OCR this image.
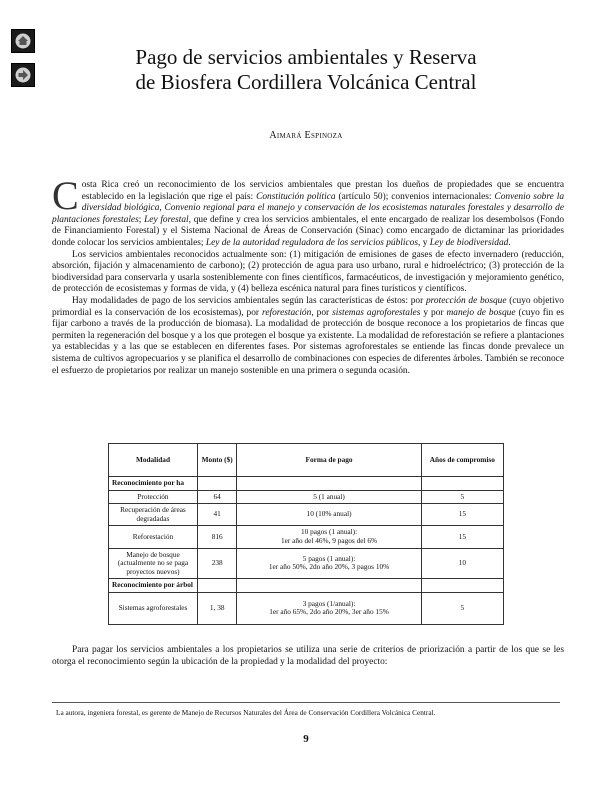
Pago de servicios ambientales y Reserva
de Biosfera Cordillera Volcánica Central
Aimará Espinoza

Costa Rica creó un reconocimiento de los servicios ambientales que prestan los dueños de propiedades que se encuentra establecido en la legislación que rige el país: Constitución política (artículo 50); convenios internacionales: Convenio sobre la diversidad biológica, Convenio regional para el manejo y conservación de los ecosistemas naturales forestales y desarrollo de plantaciones forestales; Ley forestal, que define y crea los servicios ambientales, el ente encargado de realizar los desembolsos (Fondo de Financiamiento Forestal) y el Sistema Nacional de Áreas de Conservación (Sinac) como encargado de dictaminar las prioridades donde colocar los servicios ambientales; Ley de la autoridad reguladora de los servicios públicos, y Ley de biodiversidad.

Los servicios ambientales reconocidos actualmente son: (1) mitigación de emisiones de gases de efecto invernadero (reducción, absorción, fijación y almacenamiento de carbono); (2) protección de agua para uso urbano, rural e hidroeléctrico; (3) protección de la biodiversidad para conservarla y usarla sosteniblemente con fines científicos, farmacéuticos, de investigación y mejoramiento genético, de protección de ecosistemas y formas de vida, y (4) belleza escénica natural para fines turísticos y científicos.

Hay modalidades de pago de los servicios ambientales según las características de éstos: por protección de bosque (cuyo objetivo primordial es la conservación de los ecosistemas), por reforestación, por sistemas agroforestales y por manejo de bosque (cuyo fin es fijar carbono a través de la producción de biomasa). La modalidad de protección de bosque reconoce a los propietarios de fincas que permiten la regeneración del bosque y a los que protegen el bosque ya existente. La modalidad de reforestación se refiere a plantaciones ya establecidas y a las que se establecen en diferentes fases. Por sistemas agroforestales se entiende las fincas donde prevalece un sistema de cultivos agropecuarios y se planifica el desarrollo de combinaciones con especies de diferentes árboles. También se reconoce el esfuerzo de propietarios por realizar un manejo sostenible en una primera o segunda ocasión.

Modalidad	Monto ($)	Forma de pago	Años de compromiso
Reconocimiento por ha			
Protección	64	5 (1 anual)	5
Recuperación de áreas degradadas	41	10 (10% anual)	15
Reforestación	816	10 pagos (1 anual):
1er año del 46%, 9 pagos del 6%	15
Manejo de bosque (actualmente no se paga proyectos nuevos)	238	5 pagos (1 anual):
1er año 50%, 2do año 20%, 3 pagos 10%	10
Reconocimiento por árbol			
Sistemas agroforestales	1, 38	3 pagos (1/anual):
1er año 65%, 2do año 20%, 3er año 15%	5

Para pagar los servicios ambientales a los propietarios se utiliza una serie de criterios de priorización a partir de los que se les otorga el reconocimiento según la ubicación de la propiedad y la modalidad del proyecto:

La autora, ingeniera forestal, es gerente de Manejo de Recursos Naturales del Área de Conservación Cordillera Volcánica Central.
9
